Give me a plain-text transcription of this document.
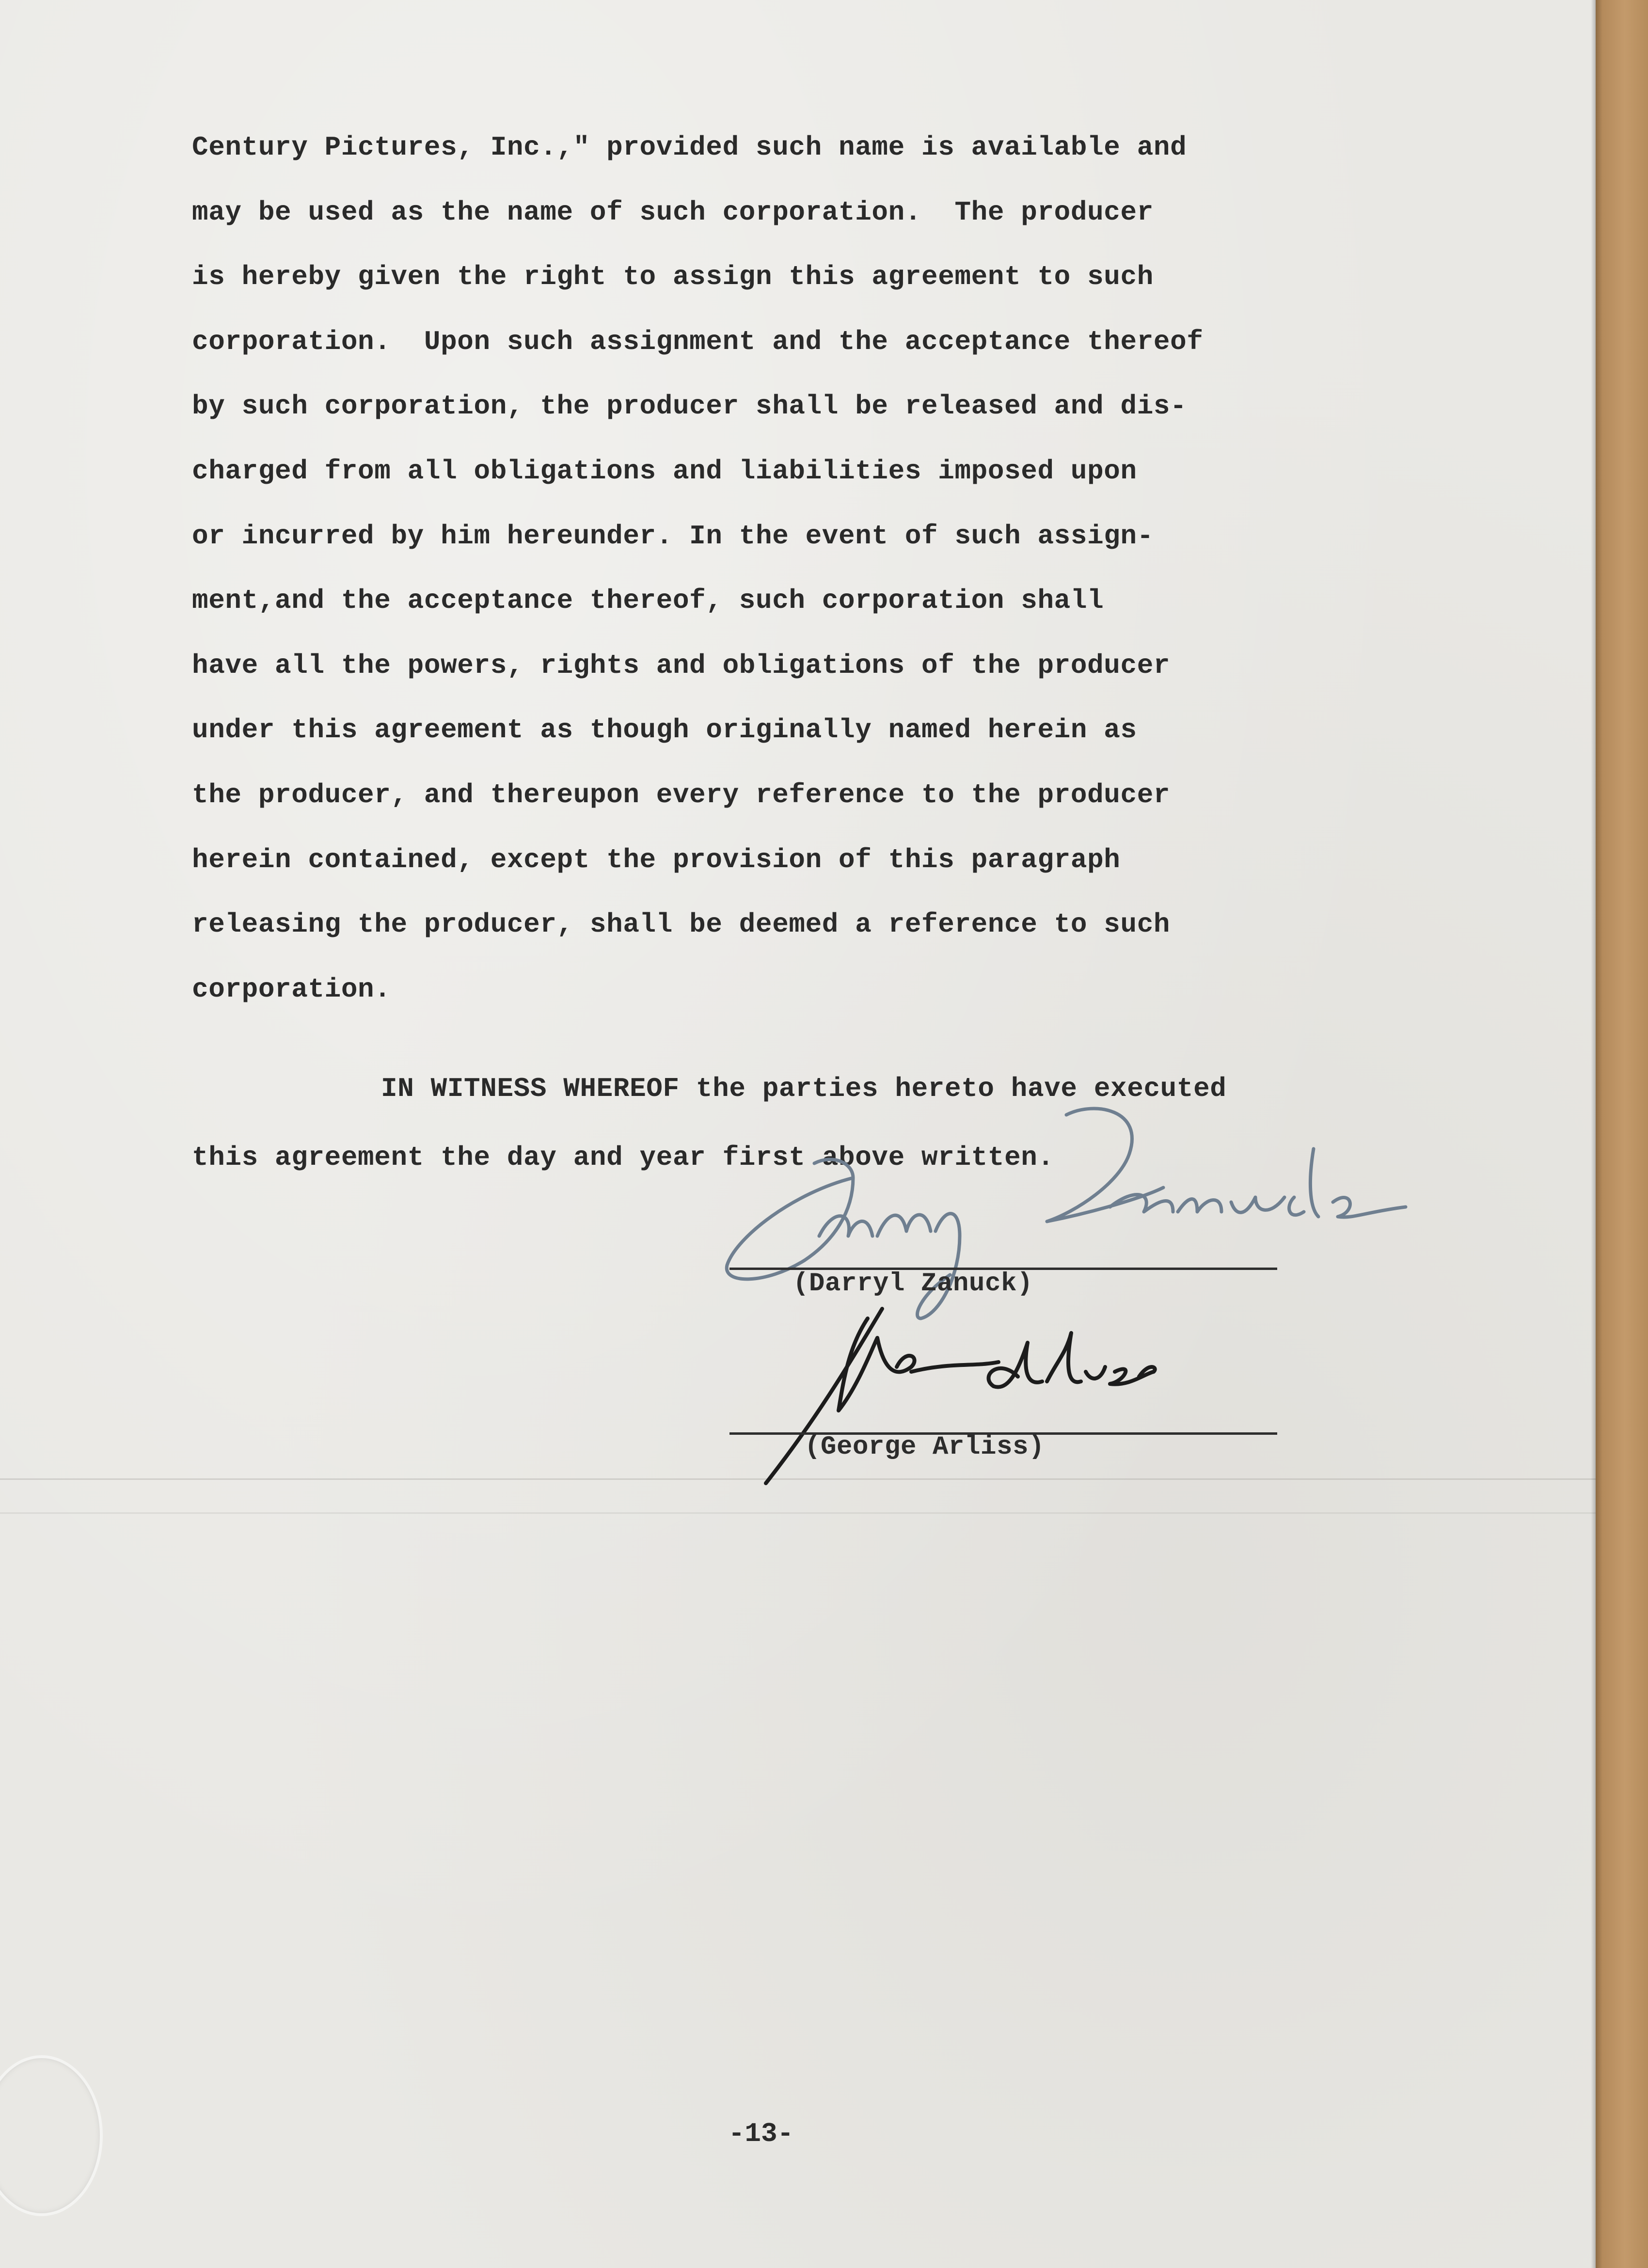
Century Pictures, Inc.," provided such name is available and
may be used as the name of such corporation.  The producer
is hereby given the right to assign this agreement to such
corporation.  Upon such assignment and the acceptance thereof
by such corporation, the producer shall be released and dis-
charged from all obligations and liabilities imposed upon
or incurred by him hereunder. In the event of such assign-
ment,and the acceptance thereof, such corporation shall
have all the powers, rights and obligations of the producer
under this agreement as though originally named herein as
the producer, and thereupon every reference to the producer
herein contained, except the provision of this paragraph
releasing the producer, shall be deemed a reference to such
corporation.
IN WITNESS WHEREOF the parties hereto have executed
this agreement the day and year first above written.
(Darryl Zanuck)
(George Arliss)
-13-
